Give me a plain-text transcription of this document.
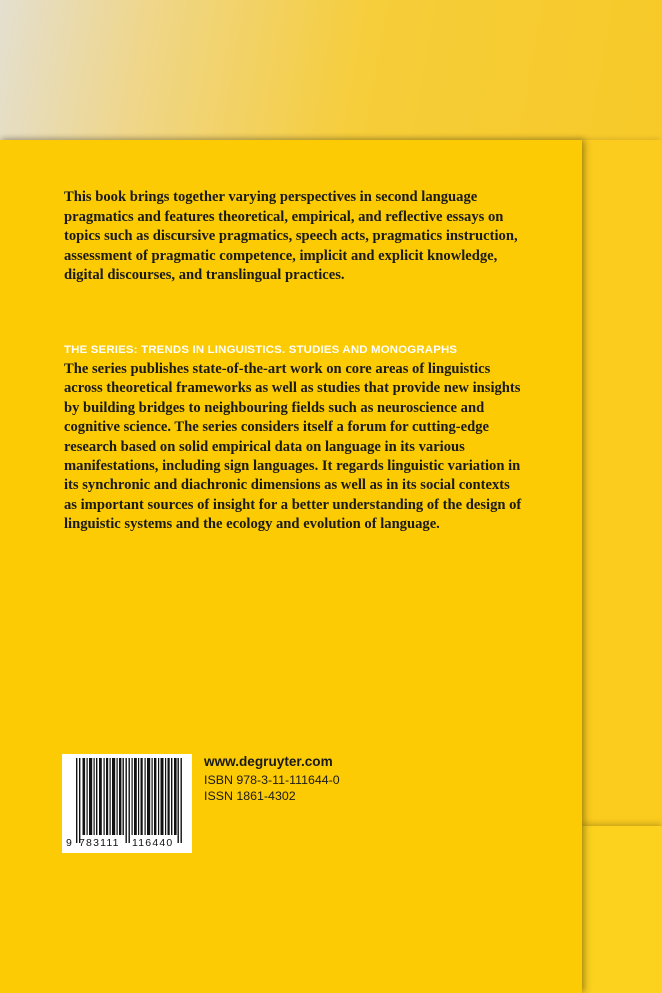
This book brings together varying perspectives in second language pragmatics and features theoretical, empirical, and reflective essays on topics such as discursive pragmatics, speech acts, pragmatics instruction, assessment of pragmatic competence, implicit and explicit knowledge, digital discourses, and translingual practices.

THE SERIES: TRENDS IN LINGUISTICS. STUDIES AND MONOGRAPHS

The series publishes state-of-the-art work on core areas of linguistics across theoretical frameworks as well as studies that provide new insights by building bridges to neighbouring fields such as neuroscience and cognitive science. The series considers itself a forum for cutting-edge research based on solid empirical data on language in its various manifestations, including sign languages. It regards linguistic variation in its synchronic and diachronic dimensions as well as in its social contexts as important sources of insight for a better understanding of the design of linguistic systems and the ecology and evolution of language.

9 783111 116440

www.degruyter.com

ISBN 978-3-11-111644-0

ISSN 1861-4302
